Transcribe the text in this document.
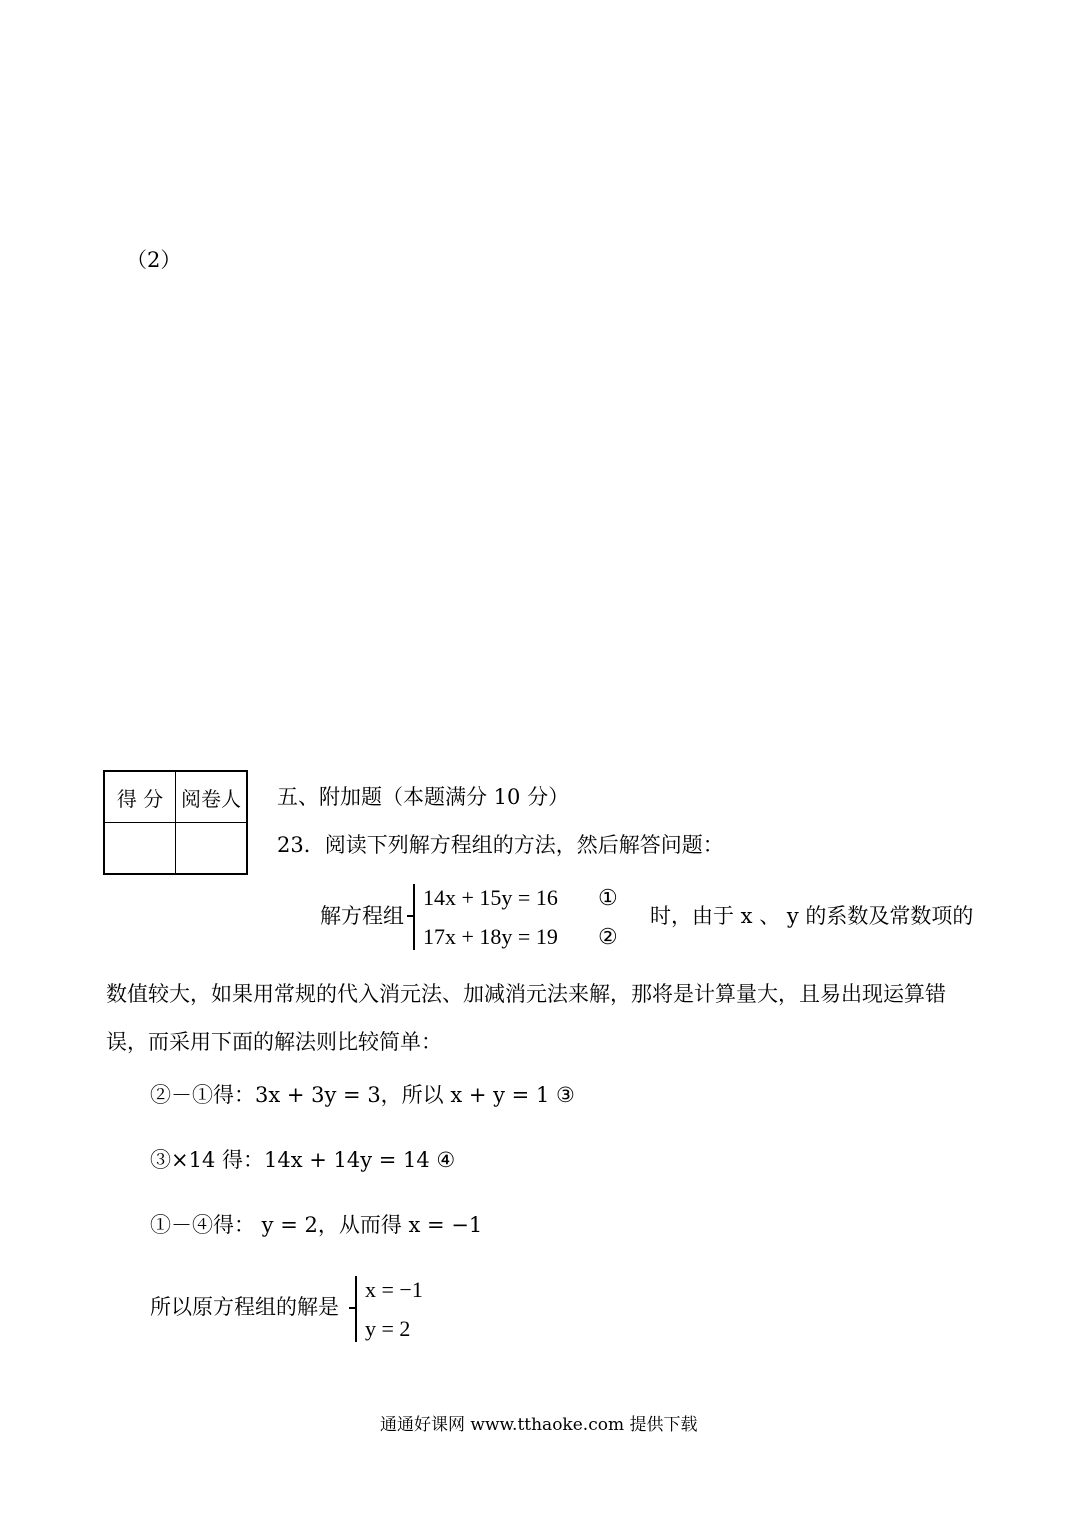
（2）
得 分	阅卷人
	五、附加题（本题满分 10 分）
23．阅读下列解方程组的方法，然后解答问题：
解方程组
14x + 15y = 16 ①
17x + 18y = 19 ②
时，由于 x 、 y 的系数及常数项的
数值较大，如果用常规的代入消元法、加减消元法来解，那将是计算量大，且易出现运算错
误，而采用下面的解法则比较简单：
②－①得：3x + 3y = 3，所以 x + y = 1 ③
③×14 得：14x + 14y = 14 ④
①－④得： y = 2，从而得 x = −1
所以原方程组的解是
x = −1
y = 2
通通好课网 www.tthaoke.com 提供下载
